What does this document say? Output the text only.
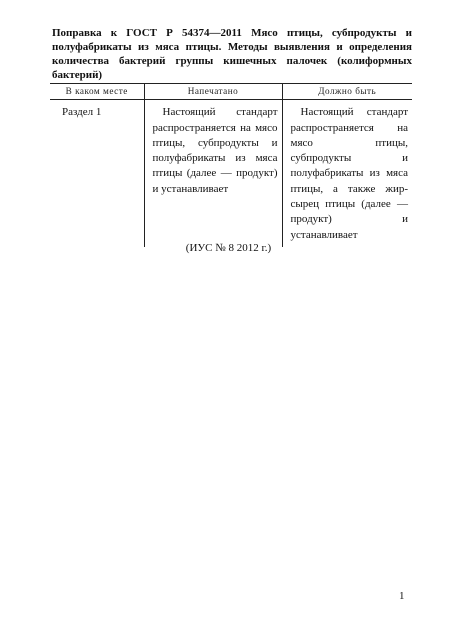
Поправка к ГОСТ Р 54374—2011 Мясо птицы, субпродукты и полуфабрикаты из мяса птицы. Методы выявления и определения количества бактерий группы кишечных палочек (колиформных бактерий)
В каком месте	Напечатано	Должно быть
Раздел 1	Настоящий стандарт распространяется на мясо птицы, субпродукты и полуфабрикаты из мяса птицы (далее — продукт) и устанавливает	Настоящий стандарт распространяется на мясо птицы, субпродукты и полуфабрикаты из мяса птицы, а также жир-сырец птицы (далее — продукт) и устанавливает
(ИУС № 8 2012 г.)
1
